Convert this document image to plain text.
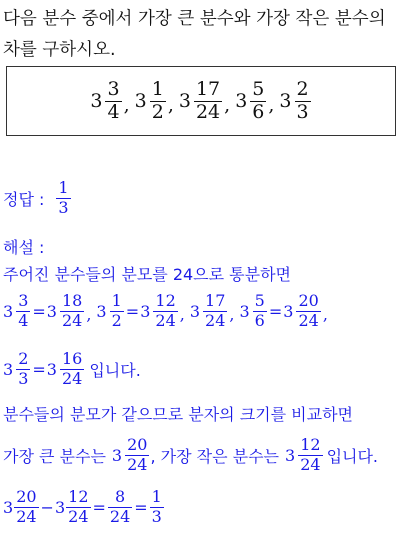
다음 분수 중에서 가장 큰 분수와 가장 작은 분수의 차를 구하시오.
$3 \frac{3}{4}$ , $3 \frac{1}{2}$ , $3 \frac{17}{24}$ , $3 \frac{5}{6}$ , $3 \frac{2}{3}$
정답 : $\frac{1}{3}$
해설 :
주어진 분수들의 분모를 24으로 통분하면
$3 \frac{3}{4} = 3 \frac{18}{24}$ , $3 \frac{1}{2} = 3 \frac{12}{24}$ , $3 \frac{17}{24}$ , $3 \frac{5}{6} = 3 \frac{20}{24}$ ,
$3 \frac{2}{3} = 3 \frac{16}{24}$ 입니다.
분수들의 분모가 같으므로 분자의 크기를 비교하면
가장 큰 분수는 $3 \frac{20}{24}$ , 가장 작은 분수는 $3 \frac{12}{24}$ 입니다.
$3 \frac{20}{24} - 3 \frac{12}{24} = \frac{8}{24} = \frac{1}{3}$
